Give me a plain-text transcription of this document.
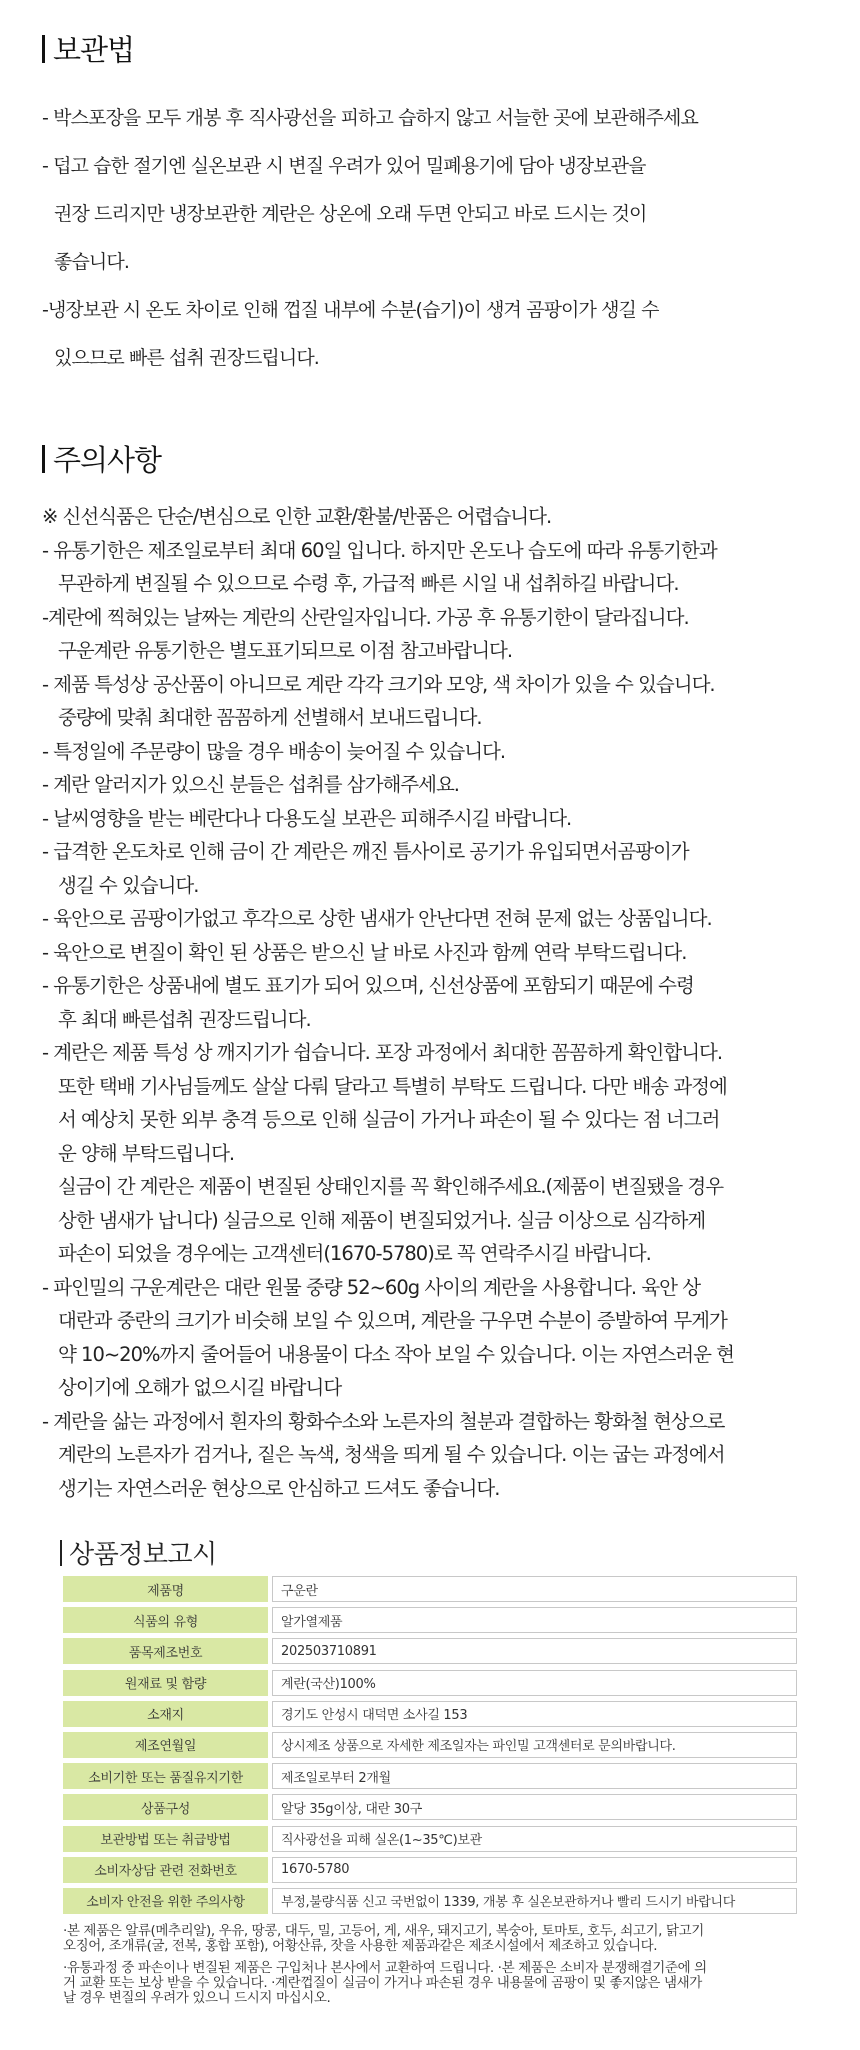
보관법
- 박스포장을 모두 개봉 후 직사광선을 피하고 습하지 않고 서늘한 곳에 보관해주세요
- 덥고 습한 절기엔 실온보관 시 변질 우려가 있어 밀폐용기에 담아 냉장보관을
권장 드리지만 냉장보관한 계란은 상온에 오래 두면 안되고 바로 드시는 것이
좋습니다.
-냉장보관 시 온도 차이로 인해 껍질 내부에 수분(습기)이 생겨 곰팡이가 생길 수
있으므로 빠른 섭취 권장드립니다.
주의사항
※ 신선식품은 단순/변심으로 인한 교환/환불/반품은 어렵습니다.
- 유통기한은 제조일로부터 최대 60일 입니다. 하지만 온도나 습도에 따라 유통기한과
무관하게 변질될 수 있으므로 수령 후, 가급적 빠른 시일 내 섭취하길 바랍니다.
-계란에 찍혀있는 날짜는 계란의 산란일자입니다. 가공 후 유통기한이 달라집니다.
구운계란 유통기한은 별도표기되므로 이점 참고바랍니다.
- 제품 특성상 공산품이 아니므로 계란 각각 크기와 모양, 색 차이가 있을 수 있습니다.
중량에 맞춰 최대한 꼼꼼하게 선별해서 보내드립니다.
- 특정일에 주문량이 많을 경우 배송이 늦어질 수 있습니다.
- 계란 알러지가 있으신 분들은 섭취를 삼가해주세요.
- 날씨영향을 받는 베란다나 다용도실 보관은 피해주시길 바랍니다.
- 급격한 온도차로 인해 금이 간 계란은 깨진 틈사이로 공기가 유입되면서곰팡이가
생길 수 있습니다.
- 육안으로 곰팡이가없고 후각으로 상한 냄새가 안난다면 전혀 문제 없는 상품입니다.
- 육안으로 변질이 확인 된 상품은 받으신 날 바로 사진과 함께 연락 부탁드립니다.
- 유통기한은 상품내에 별도 표기가 되어 있으며, 신선상품에 포함되기 때문에 수령
후 최대 빠른섭취 권장드립니다.
- 계란은 제품 특성 상 깨지기가 쉽습니다. 포장 과정에서 최대한 꼼꼼하게 확인합니다.
또한 택배 기사님들께도 살살 다뤄 달라고 특별히 부탁도 드립니다. 다만 배송 과정에
서 예상치 못한 외부 충격 등으로 인해 실금이 가거나 파손이 될 수 있다는 점 너그러
운 양해 부탁드립니다.
실금이 간 계란은 제품이 변질된 상태인지를 꼭 확인해주세요.(제품이 변질됐을 경우
상한 냄새가 납니다) 실금으로 인해 제품이 변질되었거나. 실금 이상으로 심각하게
파손이 되었을 경우에는 고객센터(1670-5780)로 꼭 연락주시길 바랍니다.
- 파인밀의 구운계란은 대란 원물 중량 52~60g 사이의 계란을 사용합니다. 육안 상
대란과 중란의 크기가 비슷해 보일 수 있으며, 계란을 구우면 수분이 증발하여 무게가
약 10~20%까지 줄어들어 내용물이 다소 작아 보일 수 있습니다. 이는 자연스러운 현
상이기에 오해가 없으시길 바랍니다
- 계란을 삶는 과정에서 흰자의 황화수소와 노른자의 철분과 결합하는 황화철 현상으로
계란의 노른자가 검거나, 짙은 녹색, 청색을 띄게 될 수 있습니다. 이는 굽는 과정에서
생기는 자연스러운 현상으로 안심하고 드셔도 좋습니다.
상품정보고시
제품명	구운란
식품의 유형	알가열제품
품목제조번호	202503710891
원재료 및 함량	계란(국산)100%
소재지	경기도 안성시 대덕면 소사길 153
제조연월일	상시제조 상품으로 자세한 제조일자는 파인밀 고객센터로 문의바랍니다.
소비기한 또는 품질유지기한	제조일로부터 2개월
상품구성	알당 35g이상, 대란 30구
보관방법 또는 취급방법	직사광선을 피해 실온(1~35℃)보관
소비자상담 관련 전화번호	1670-5780
소비자 안전을 위한 주의사항	부정,불량식품 신고 국번없이 1339, 개봉 후 실온보관하거나 빨리 드시기 바랍니다
·본 제품은 알류(메추리알), 우유, 땅콩, 대두, 밀, 고등어, 게, 새우, 돼지고기, 복숭아, 토마토, 호두, 쇠고기, 닭고기
오징어, 조개류(굴, 전복, 홍합 포함), 어황산류, 잣을 사용한 제품과같은 제조시설에서 제조하고 있습니다.
·유통과정 중 파손이나 변질된 제품은 구입처나 본사에서 교환하여 드립니다. ·본 제품은 소비자 분쟁해결기준에 의
거 교환 또는 보상 받을 수 있습니다. ·계란껍질이 실금이 가거나 파손된 경우 내용물에 곰팡이 및 좋지않은 냄새가
날 경우 변질의 우려가 있으니 드시지 마십시오.
